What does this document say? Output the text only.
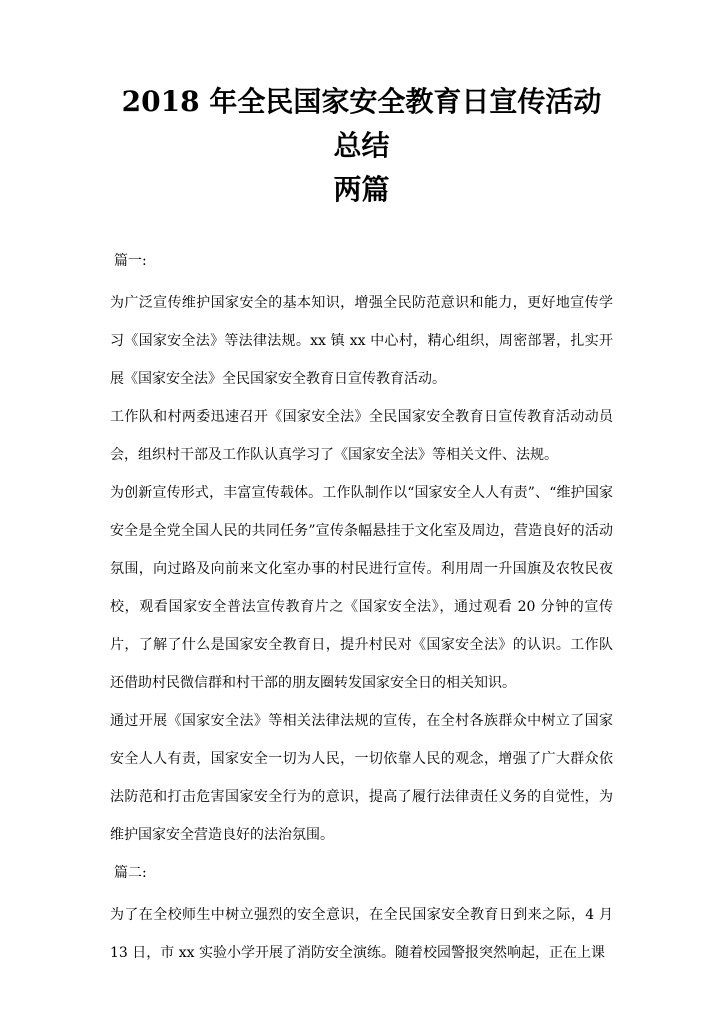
2018 年全民国家安全教育日宣传活动总结
两篇

篇一:

为广泛宣传维护国家安全的基本知识，增强全民防范意识和能力，更好地宣传学习《国家安全法》等法律法规。xx 镇 xx 中心村，精心组织，周密部署，扎实开展《国家安全法》全民国家安全教育日宣传教育活动。

工作队和村两委迅速召开《国家安全法》全民国家安全教育日宣传教育活动动员会，组织村干部及工作队认真学习了《国家安全法》等相关文件、法规。

为创新宣传形式，丰富宣传载体。工作队制作以“国家安全人人有责”、“维护国家安全是全党全国人民的共同任务”宣传条幅悬挂于文化室及周边，营造良好的活动氛围，向过路及向前来文化室办事的村民进行宣传。利用周一升国旗及农牧民夜校，观看国家安全普法宣传教育片之《国家安全法》，通过观看 20 分钟的宣传片，了解了什么是国家安全教育日，提升村民对《国家安全法》的认识。工作队还借助村民微信群和村干部的朋友圈转发国家安全日的相关知识。

通过开展《国家安全法》等相关法律法规的宣传，在全村各族群众中树立了国家安全人人有责，国家安全一切为人民，一切依靠人民的观念，增强了广大群众依法防范和打击危害国家安全行为的意识，提高了履行法律责任义务的自觉性，为维护国家安全营造良好的法治氛围。

篇二:

为了在全校师生中树立强烈的安全意识，在全民国家安全教育日到来之际，4 月 13 日，市 xx 实验小学开展了消防安全演练。随着校园警报突然响起，正在上课
